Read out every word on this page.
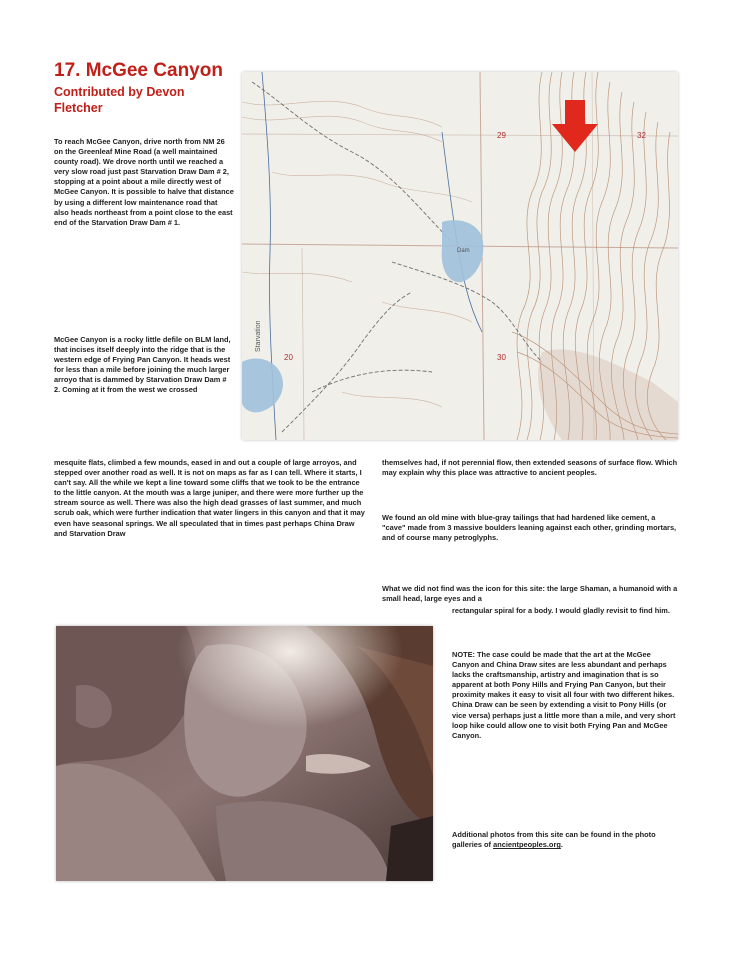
17. McGee Canyon

Contributed by Devon Fletcher

To reach McGee Canyon, drive north from NM 26 on the Greenleaf Mine Road (a well maintained county road). We drove north until we reached a very slow road just past Starvation Draw Dam # 2, stopping at a point about a mile directly west of McGee Canyon. It is possible to halve that distance by using a different low maintenance road that also heads northeast from a point close to the east end of the Starvation Draw Dam # 1.

McGee Canyon is a rocky little defile on BLM land, that incises itself deeply into the ridge that is the western edge of Frying Pan Canyon. It heads west for less than a mile before joining the much larger arroyo that is dammed by Starvation Draw Dam # 2. Coming at it from the west we crossed

mesquite flats, climbed a few mounds, eased in and out a couple of large arroyos, and stepped over another road as well. It is not on maps as far as I can tell. Where it starts, I can't say. All the while we kept a line toward some cliffs that we took to be the entrance to the little canyon. At the mouth was a large juniper, and there were more further up the stream source as well. There was also the high dead grasses of last summer, and much scrub oak, which were further indication that water lingers in this canyon and that it may even have seasonal springs. We all speculated that in times past perhaps China Draw and Starvation Draw

themselves had, if not perennial flow, then extended seasons of surface flow. Which may explain why this place was attractive to ancient peoples.

We found an old mine with blue-gray tailings that had hardened like cement, a "cave" made from 3 massive boulders leaning against each other, grinding mortars, and of course many petroglyphs.

What we did not find was the icon for this site: the large Shaman, a humanoid with a small head, large eyes and a

rectangular spiral for a body. I would gladly revisit to find him.

NOTE: The case could be made that the art at the McGee Canyon and China Draw sites are less abundant and perhaps lacks the craftsmanship, artistry and imagination that is so apparent at both Pony Hills and Frying Pan Canyon, but their proximity makes it easy to visit all four with two different hikes. China Draw can be seen by extending a visit to Pony Hills (or vice versa) perhaps just a little more than a mile, and very short loop hike could allow one to visit both Frying Pan and McGee Canyon.

Additional photos from this site can be found in the photo galleries of ancientpeoples.org.

Starvation
20
29
30
32
Dam
